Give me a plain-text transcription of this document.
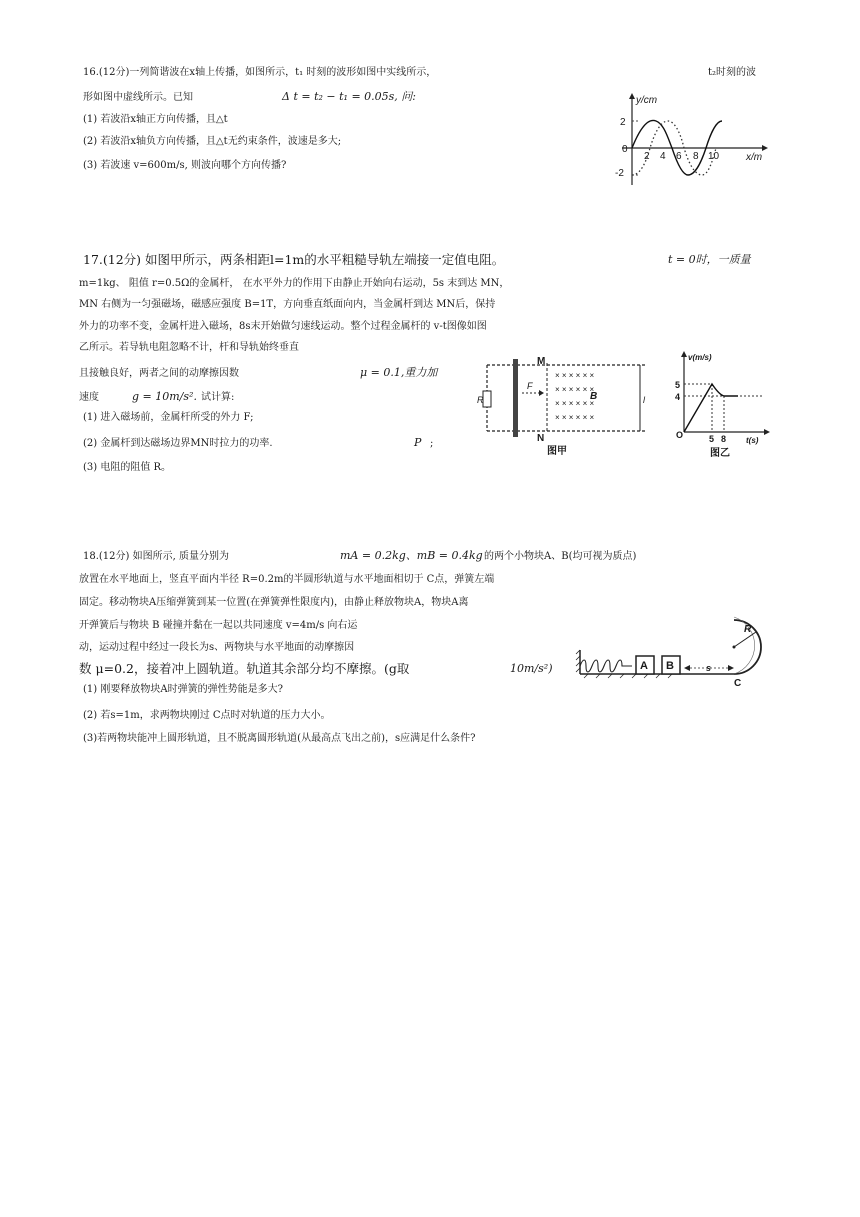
16.(12分)一列简谐波在x轴上传播，如图所示，t₁ 时刻的波形如图中实线所示，	t₂时刻的波
形如图中虚线所示。已知	Δ t = t₂ − t₁ = 0.05s, 问:
(1) 若波沿x轴正方向传播，且△t
(2) 若波沿x轴负方向传播，且△t无约束条件，波速是多大;
(3) 若波速 v=600m/s, 则波向哪个方向传播?
y/cm
x/m
2
0
-2
2 4 6 8 10
17.(12分) 如图甲所示，两条相距l=1m的水平粗糙导轨左端接一定值电阻。	t = 0时，一质量
m=1kg、 阻值 r=0.5Ω的金属杆， 在水平外力的作用下由静止开始向右运动，5s 末到达 MN，
MN 右侧为一匀强磁场，磁感应强度 B=1T，方向垂直纸面向内，当金属杆到达 MN后，保持
外力的功率不变，金属杆进入磁场，8s末开始做匀速线运动。整个过程金属杆的 v-t图像如图
乙所示。若导轨电阻忽略不计，杆和导轨始终垂直
且接触良好，两者之间的动摩擦因数	μ = 0.1,重力加
速度	g = 10m/s². 试计算:
(1) 进入磁场前，金属杆所受的外力 F;
(2) 金属杆到达磁场边界MN时拉力的功率.	P ;
(3) 电阻的阻值 R。
R
F
M
N
l
× × × × × ×
× × × × × ×
× × × × × ×
× × × × × ×
B
图甲
v(m/s)
t(s)
O
5
4
5 8
图乙
18.(12分) 如图所示, 质量分别为	mA = 0.2kg、mB = 0.4kg 的两个小物块A、B(均可视为质点)
放置在水平地面上，竖直平面内半径 R=0.2m的半圆形轨道与水平地面相切于 C点，弹簧左端
固定。移动物块A压缩弹簧到某一位置(在弹簧弹性限度内)，由静止释放物块A，物块A离
开弹簧后与物块 B 碰撞并黏在一起以共同速度 v=4m/s 向右运
动，运动过程中经过一段长为s、两物块与水平地面的动摩擦因
数 μ=0.2，接着冲上圆轨道。轨道其余部分均不摩擦。(g取	10m/s²)
(1) 刚要释放物块A时弹簧的弹性势能是多大?
(2) 若s=1m，求两物块刚过 C点时对轨道的压力大小。
(3)若两物块能冲上圆形轨道，且不脱离圆形轨道(从最高点飞出之前)，s应满足什么条件?
A B	s
R
C
